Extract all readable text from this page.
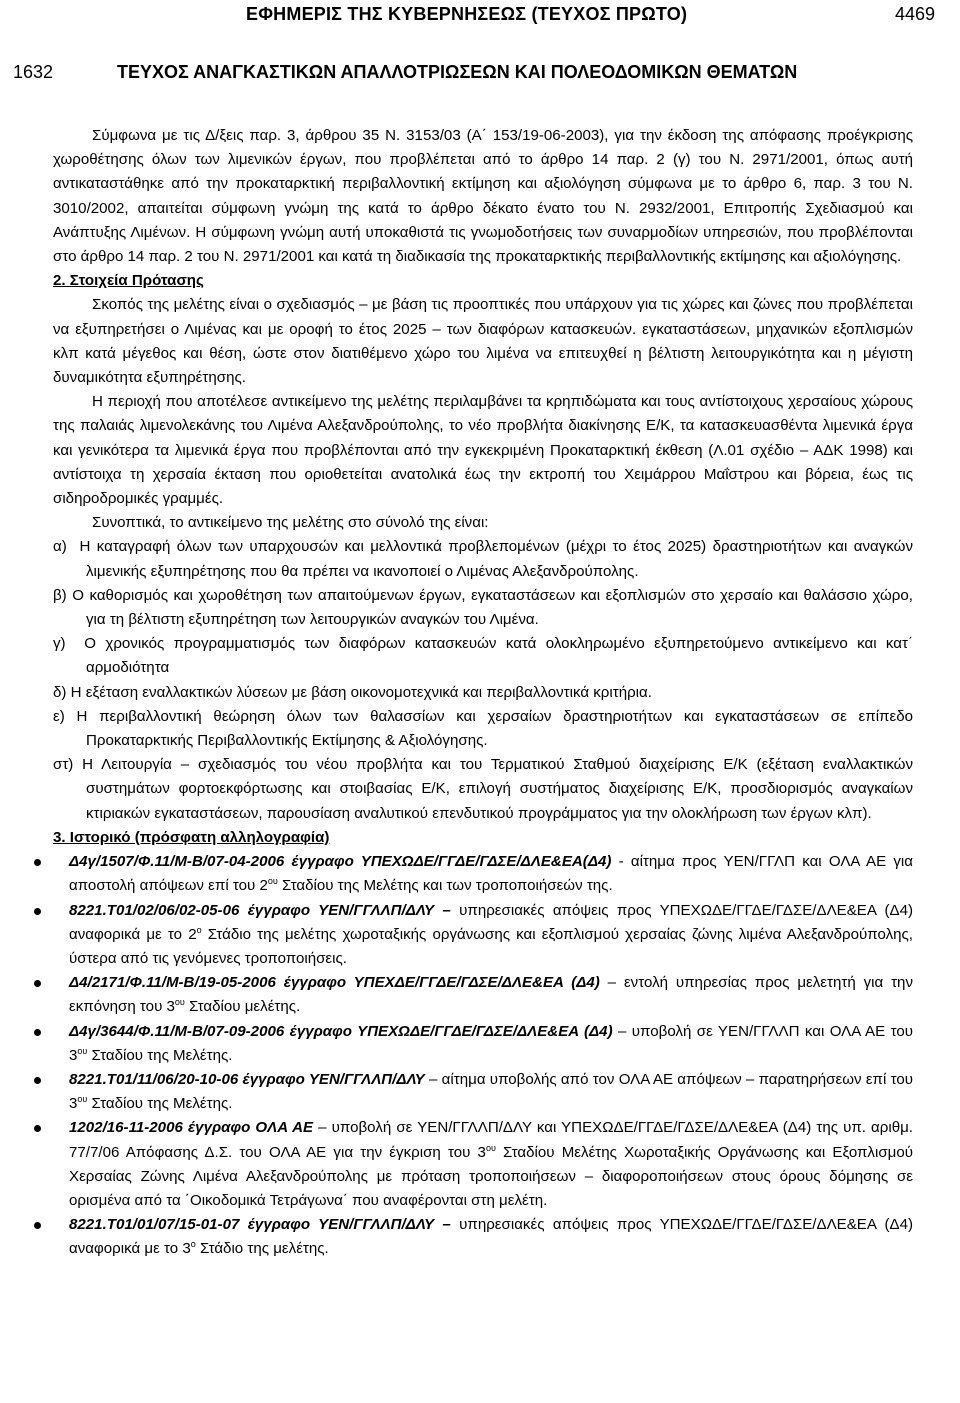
ΕΦΗΜΕΡΙΣ ΤΗΣ ΚΥΒΕΡΝΗΣΕΩΣ (ΤΕΥΧΟΣ ΠΡΩΤΟ)	4469
1632	ΤΕΥΧΟΣ ΑΝΑΓΚΑΣΤΙΚΩΝ ΑΠΑΛΛΟΤΡΙΩΣΕΩΝ ΚΑΙ ΠΟΛΕΟΔΟΜΙΚΩΝ ΘΕΜΑΤΩΝ

Σύμφωνα με τις Δ/ξεις παρ. 3, άρθρου 35 Ν. 3153/03 (Α΄ 153/19-06-2003), για την έκδοση της απόφασης προέγκρισης χωροθέτησης όλων των λιμενικών έργων, που προβλέπεται από το άρθρο 14 παρ. 2 (γ) του Ν. 2971/2001, όπως αυτή αντικαταστάθηκε από την προκαταρκτική περιβαλλοντική εκτίμηση και αξιολόγηση σύμφωνα με το άρθρο 6, παρ. 3 του Ν. 3010/2002, απαιτείται σύμφωνη γνώμη της κατά το άρθρο δέκατο ένατο του Ν. 2932/2001, Επιτροπής Σχεδιασμού και Ανάπτυξης Λιμένων. Η σύμφωνη γνώμη αυτή υποκαθιστά τις γνωμοδοτήσεις των συναρμοδίων υπηρεσιών, που προβλέπονται στο άρθρο 14 παρ. 2 του Ν. 2971/2001 και κατά τη διαδικασία της προκαταρκτικής περιβαλλοντικής εκτίμησης και αξιολόγησης.

2. Στοιχεία Πρότασης

Σκοπός της μελέτης είναι ο σχεδιασμός – με βάση τις προοπτικές που υπάρχουν για τις χώρες και ζώνες που προβλέπεται να εξυπηρετήσει ο Λιμένας και με οροφή το έτος 2025 – των διαφόρων κατασκευών. εγκαταστάσεων, μηχανικών εξοπλισμών κλπ κατά μέγεθος και θέση, ώστε στον διατιθέμενο χώρο του λιμένα να επιτευχθεί η βέλτιστη λειτουργικότητα και η μέγιστη δυναμικότητα εξυπηρέτησης.

Η περιοχή που αποτέλεσε αντικείμενο της μελέτης περιλαμβάνει τα κρηπιδώματα και τους αντίστοιχους χερσαίους χώρους της παλαιάς λιμενολεκάνης του Λιμένα Αλεξανδρούπολης, το νέο προβλήτα διακίνησης Ε/Κ, τα κατασκευασθέντα λιμενικά έργα και γενικότερα τα λιμενικά έργα που προβλέπονται από την εγκεκριμένη Προκαταρκτική έκθεση (Λ.01 σχέδιο – ΑΔΚ 1998) και αντίστοιχα τη χερσαία έκταση που οριοθετείται ανατολικά έως την εκτροπή του Χειμάρρου Μαΐστρου και βόρεια, έως τις σιδηροδρομικές γραμμές.

Συνοπτικά, το αντικείμενο της μελέτης στο σύνολό της είναι:

α)  Η καταγραφή όλων των υπαρχουσών και μελλοντικά προβλεπομένων (μέχρι το έτος 2025) δραστηριοτήτων και αναγκών λιμενικής εξυπηρέτησης που θα πρέπει να ικανοποιεί ο Λιμένας Αλεξανδρούπολης.

β) Ο καθορισμός και χωροθέτηση των απαιτούμενων έργων, εγκαταστάσεων και εξοπλισμών στο χερσαίο και θαλάσσιο χώρο, για τη βέλτιστη εξυπηρέτηση των λειτουργικών αναγκών του Λιμένα.

γ)  Ο χρονικός προγραμματισμός των διαφόρων κατασκευών κατά ολοκληρωμένο εξυπηρετούμενο αντικείμενο και κατ΄ αρμοδιότητα

δ) Η εξέταση εναλλακτικών λύσεων με βάση οικονομοτεχνικά και περιβαλλοντικά κριτήρια.

ε) Η περιβαλλοντική θεώρηση όλων των θαλασσίων και χερσαίων δραστηριοτήτων και εγκαταστάσεων σε επίπεδο Προκαταρκτικής Περιβαλλοντικής Εκτίμησης & Αξιολόγησης.

στ) Η Λειτουργία – σχεδιασμός του νέου προβλήτα και του Τερματικού Σταθμού διαχείρισης Ε/Κ (εξέταση εναλλακτικών συστημάτων φορτοεκφόρτωσης και στοιβασίας Ε/Κ, επιλογή συστήματος διαχείρισης Ε/Κ, προσδιορισμός αναγκαίων κτιριακών εγκαταστάσεων, παρουσίαση αναλυτικού επενδυτικού προγράμματος για την ολοκλήρωση των έργων κλπ).

3. Ιστορικό (πρόσφατη αλληλογραφία)

Δ4γ/1507/Φ.11/Μ-Β/07-04-2006 έγγραφο ΥΠΕΧΩΔΕ/ΓΓΔΕ/ΓΔΣΕ/ΔΛΕ&ΕΑ(Δ4) - αίτημα προς ΥΕΝ/ΓΓΛΠ και ΟΛΑ ΑΕ για αποστολή απόψεων επί του $2^{o\upsilon}$ Σταδίου της Μελέτης και των τροποποιήσεών της.
8221.Τ01/02/06/02-05-06 έγγραφο ΥΕΝ/ΓΓΛΛΠ/ΔΛΥ – υπηρεσιακές απόψεις προς ΥΠΕΧΩΔΕ/ΓΓΔΕ/ΓΔΣΕ/ΔΛΕ&ΕΑ (Δ4) αναφορικά με το $2^o$ Στάδιο της μελέτης χωροταξικής οργάνωσης και εξοπλισμού χερσαίας ζώνης λιμένα Αλεξανδρούπολης, ύστερα από τις γενόμενες τροποποιήσεις.
Δ4/2171/Φ.11/Μ-Β/19-05-2006 έγγραφο ΥΠΕΧΔΕ/ΓΓΔΕ/ΓΔΣΕ/ΔΛΕ&ΕΑ (Δ4) – εντολή υπηρεσίας προς μελετητή για την εκπόνηση του $3^{o\upsilon}$ Σταδίου μελέτης.
Δ4γ/3644/Φ.11/Μ-Β/07-09-2006 έγγραφο ΥΠΕΧΩΔΕ/ΓΓΔΕ/ΓΔΣΕ/ΔΛΕ&ΕΑ (Δ4) – υποβολή σε ΥΕΝ/ΓΓΛΛΠ και ΟΛΑ ΑΕ του $3^{o\upsilon}$ Σταδίου της Μελέτης.
8221.Τ01/11/06/20-10-06 έγγραφο ΥΕΝ/ΓΓΛΛΠ/ΔΛΥ – αίτημα υποβολής από τον ΟΛΑ ΑΕ απόψεων – παρατηρήσεων επί του $3^{o\upsilon}$ Σταδίου της Μελέτης.
1202/16-11-2006 έγγραφο ΟΛΑ ΑΕ – υποβολή σε ΥΕΝ/ΓΓΛΛΠ/ΔΛΥ και ΥΠΕΧΩΔΕ/ΓΓΔΕ/ΓΔΣΕ/ΔΛΕ&ΕΑ (Δ4) της υπ. αριθμ. 77/7/06 Απόφασης Δ.Σ. του ΟΛΑ ΑΕ για την έγκριση του $3^{o\upsilon}$ Σταδίου Μελέτης Χωροταξικής Οργάνωσης και Εξοπλισμού Χερσαίας Ζώνης Λιμένα Αλεξανδρούπολης με πρόταση τροποποιήσεων – διαφοροποιήσεων στους όρους δόμησης σε ορισμένα από τα ΄Οικοδομικά Τετράγωνα΄ που αναφέρονται στη μελέτη.
8221.Τ01/01/07/15-01-07 έγγραφο ΥΕΝ/ΓΓΛΛΠ/ΔΛΥ – υπηρεσιακές απόψεις προς ΥΠΕΧΩΔΕ/ΓΓΔΕ/ΓΔΣΕ/ΔΛΕ&ΕΑ (Δ4) αναφορικά με το $3^o$ Στάδιο της μελέτης.
